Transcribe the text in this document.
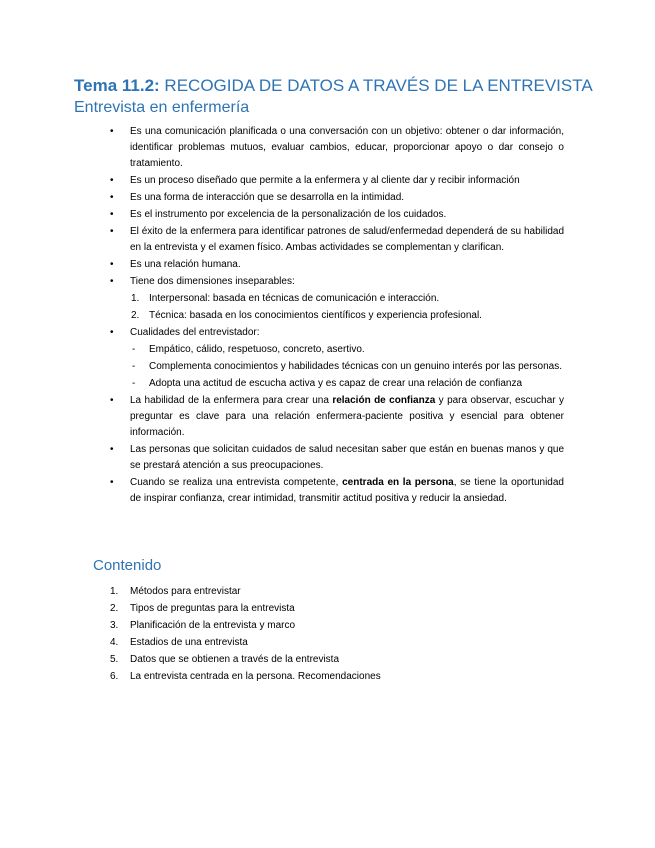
Tema 11.2: RECOGIDA DE DATOS A TRAVÉS DE LA ENTREVISTA
Entrevista en enfermería
• Es una comunicación planificada o una conversación con un objetivo: obtener o dar información, identificar problemas mutuos, evaluar cambios, educar, proporcionar apoyo o dar consejo o tratamiento.
• Es un proceso diseñado que permite a la enfermera y al cliente dar y recibir información
• Es una forma de interacción que se desarrolla en la intimidad.
• Es el instrumento por excelencia de la personalización de los cuidados.
• El éxito de la enfermera para identificar patrones de salud/enfermedad dependerá de su habilidad en la entrevista y el examen físico. Ambas actividades se complementan y clarifican.
• Es una relación humana.
• Tiene dos dimensiones inseparables:
1. Interpersonal: basada en técnicas de comunicación e interacción.
2. Técnica: basada en los conocimientos científicos y experiencia profesional.
• Cualidades del entrevistador:
- Empático, cálido, respetuoso, concreto, asertivo.
- Complementa conocimientos y habilidades técnicas con un genuino interés por las personas.
- Adopta una actitud de escucha activa y es capaz de crear una relación de confianza
• La habilidad de la enfermera para crear una relación de confianza y para observar, escuchar y preguntar es clave para una relación enfermera-paciente positiva y esencial para obtener información.
• Las personas que solicitan cuidados de salud necesitan saber que están en buenas manos y que se prestará atención a sus preocupaciones.
• Cuando se realiza una entrevista competente, centrada en la persona, se tiene la oportunidad de inspirar confianza, crear intimidad, transmitir actitud positiva y reducir la ansiedad.
Contenido
1. Métodos para entrevistar
2. Tipos de preguntas para la entrevista
3. Planificación de la entrevista y marco
4. Estadios de una entrevista
5. Datos que se obtienen a través de la entrevista
6. La entrevista centrada en la persona. Recomendaciones
